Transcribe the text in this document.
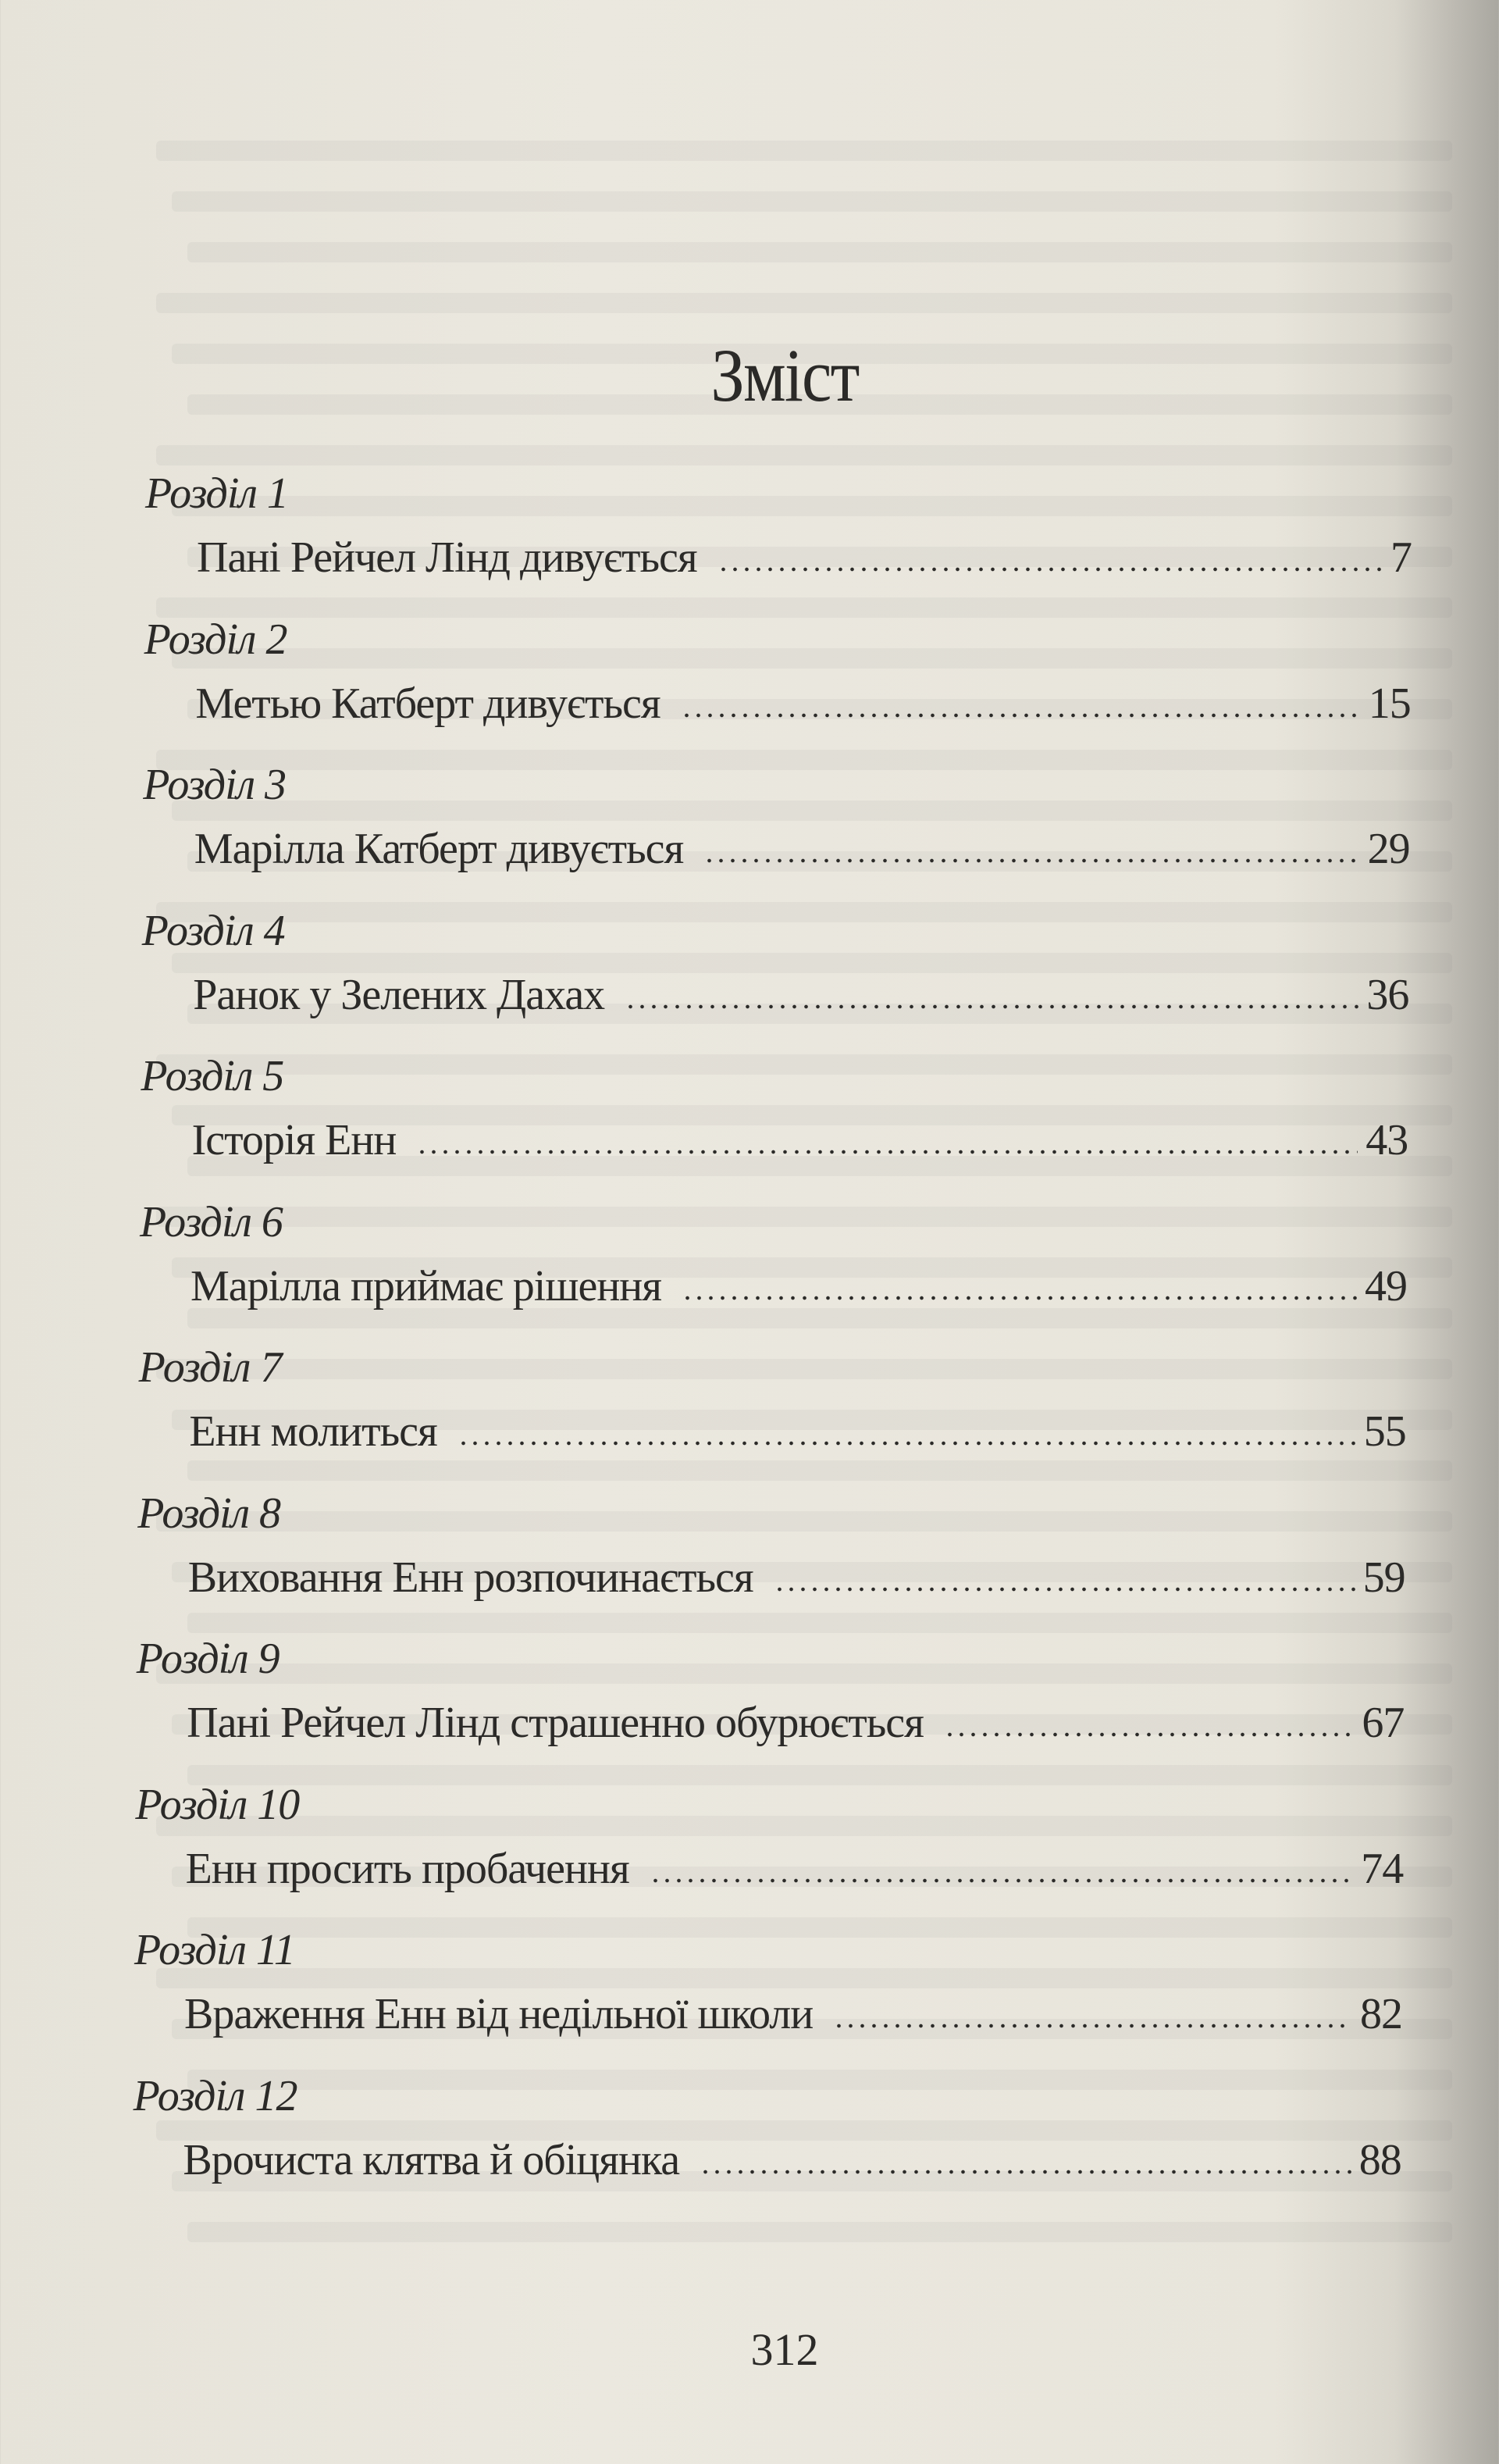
Зміст
Розділ 1
Пані Рейчел Лінд дивується	7
Розділ 2
Метью Катберт дивується	15
Розділ 3
Марілла Катберт дивується	29
Розділ 4
Ранок у Зелених Дахах	36
Розділ 5
Історія Енн	43
Розділ 6
Марілла приймає рішення	49
Розділ 7
Енн молиться	55
Розділ 8
Виховання Енн розпочинається	59
Розділ 9
Пані Рейчел Лінд страшенно обурюється	67
Розділ 10
Енн просить пробачення	74
Розділ 11
Враження Енн від недільної школи	82
Розділ 12
Врочиста клятва й обіцянка	88
312
